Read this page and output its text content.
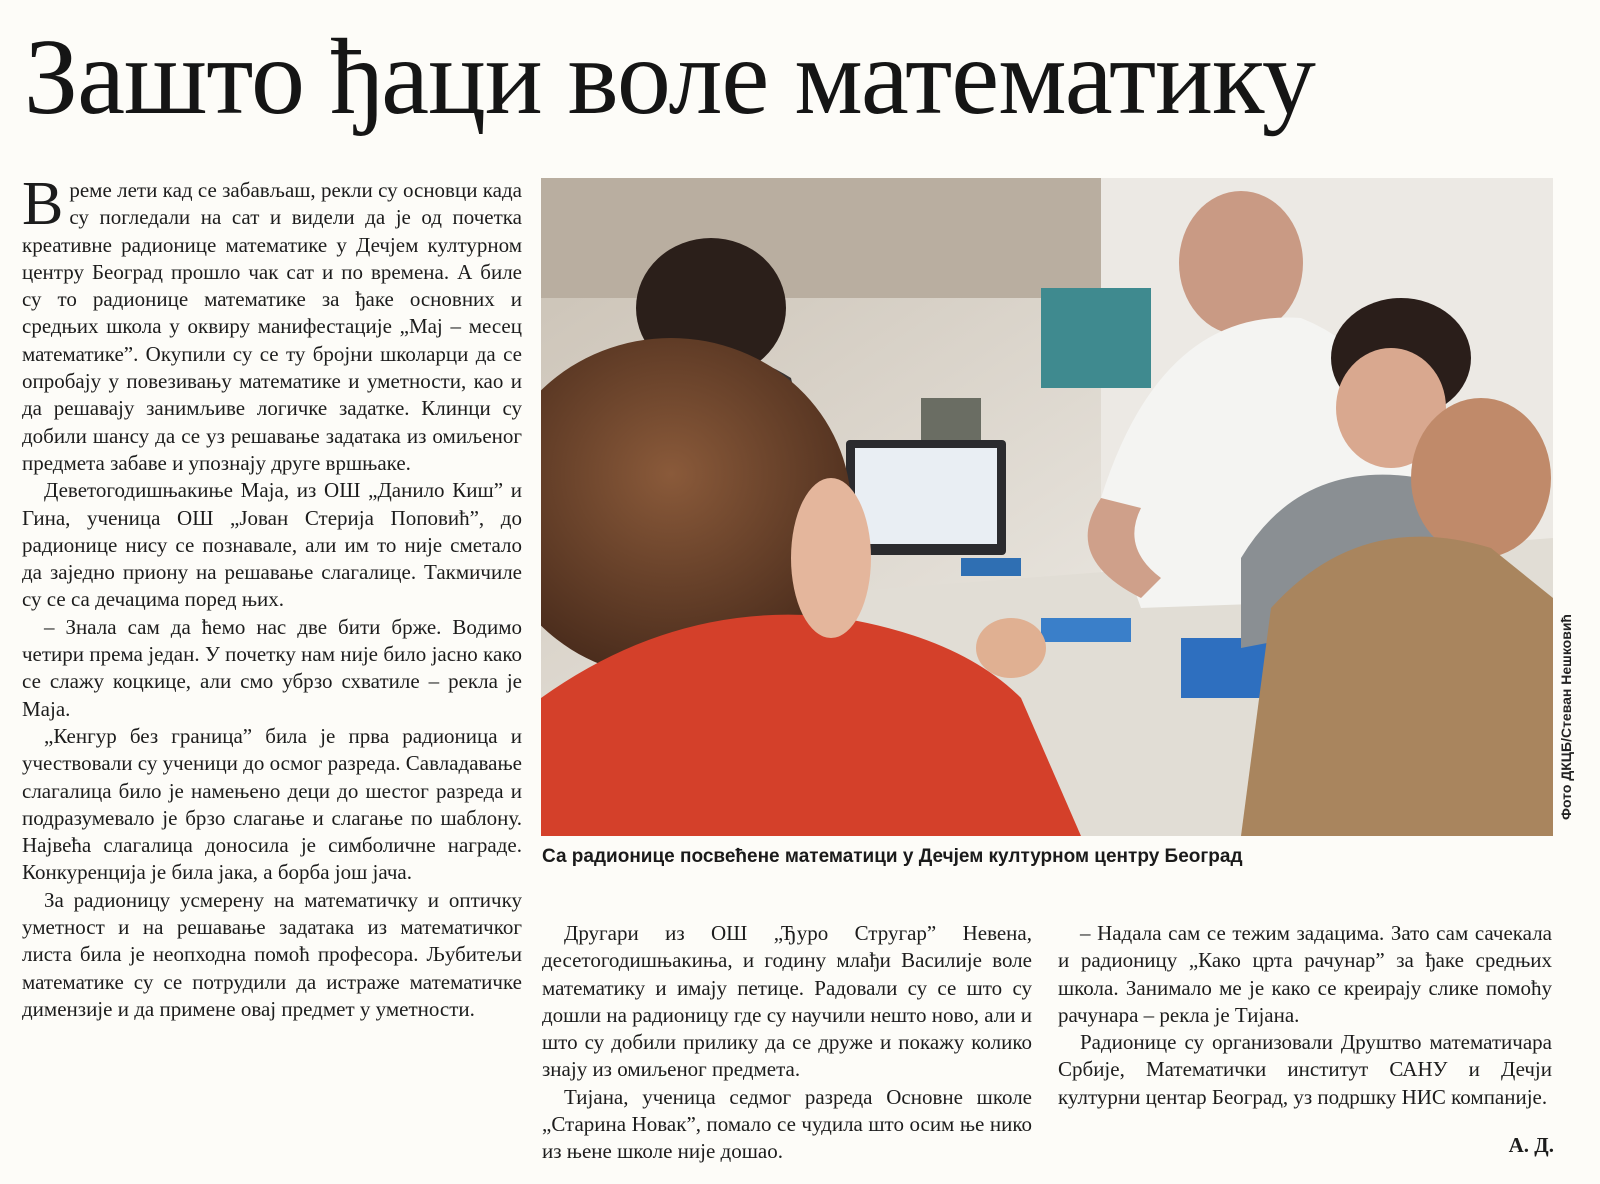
Зашто ђаци воле математику

Време лети кад се забављаш, рекли су основци када су погледали на сат и видели да је од почетка креативне радионице математике у Дечјем културном центру Београд прошло чак сат и по времена. А биле су то радионице математике за ђаке основних и средњих школа у оквиру манифестације „Мај – месец математике”. Окупили су се ту бројни школарци да се опробају у повезивању математике и уметности, као и да решавају занимљиве логичке задатке. Клинци су добили шансу да се уз решавање задатака из омиљеног предмета забаве и упознају друге вршњаке.

Деветогодишњакиње Маја, из ОШ „Данило Киш” и Гина, ученица ОШ „Јован Стерија Поповић”, до радионице нису се познавале, али им то није сметало да заједно приону на решавање слагалице. Такмичиле су се са дечацима поред њих.

– Знала сам да ћемо нас две бити брже. Водимо четири према један. У почетку нам није било јасно како се слажу коцкице, али смо убрзо схватиле – рекла је Маја.

„Кенгур без граница” била је прва радионица и учествовали су ученици до осмог разреда. Савладавање слагалица било је намењено деци до шестог разреда и подразумевало је брзо слагање и слагање по шаблону. Највећа слагалица доносила је симболичне награде. Конкуренција је била јака, а борба још јача.

За радионицу усмерену на математичку и оптичку уметност и на решавање задатака из математичког листа била је неопходна помоћ професора. Љубитељи математике су се потрудили да истраже математичке димензије и да примене овај предмет у уметности.

Фото ДКЦБ/Стеван Нешковић
Са радионице посвећене математици у Дечјем културном центру Београд

Другари из ОШ „Ђуро Стругар” Невена, десетогодишњакиња, и годину млађи Василије воле математику и имају петице. Радовали су се што су дошли на радионицу где су научили нешто ново, али и што су добили прилику да се друже и покажу колико знају из омиљеног предмета.

Тијана, ученица седмог разреда Основне школе „Старина Новак”, помало се чудила што осим ње нико из њене школе није дошао.

– Надала сам се тежим задацима. Зато сам сачекала и радионицу „Како црта рачунар” за ђаке средњих школа. Занимало ме је како се креирају слике помоћу рачунара – рекла је Тијана.

Радионице су организовали Друштво математичара Србије, Математички институт САНУ и Дечји културни центар Београд, уз подршку НИС компаније.

А. Д.
